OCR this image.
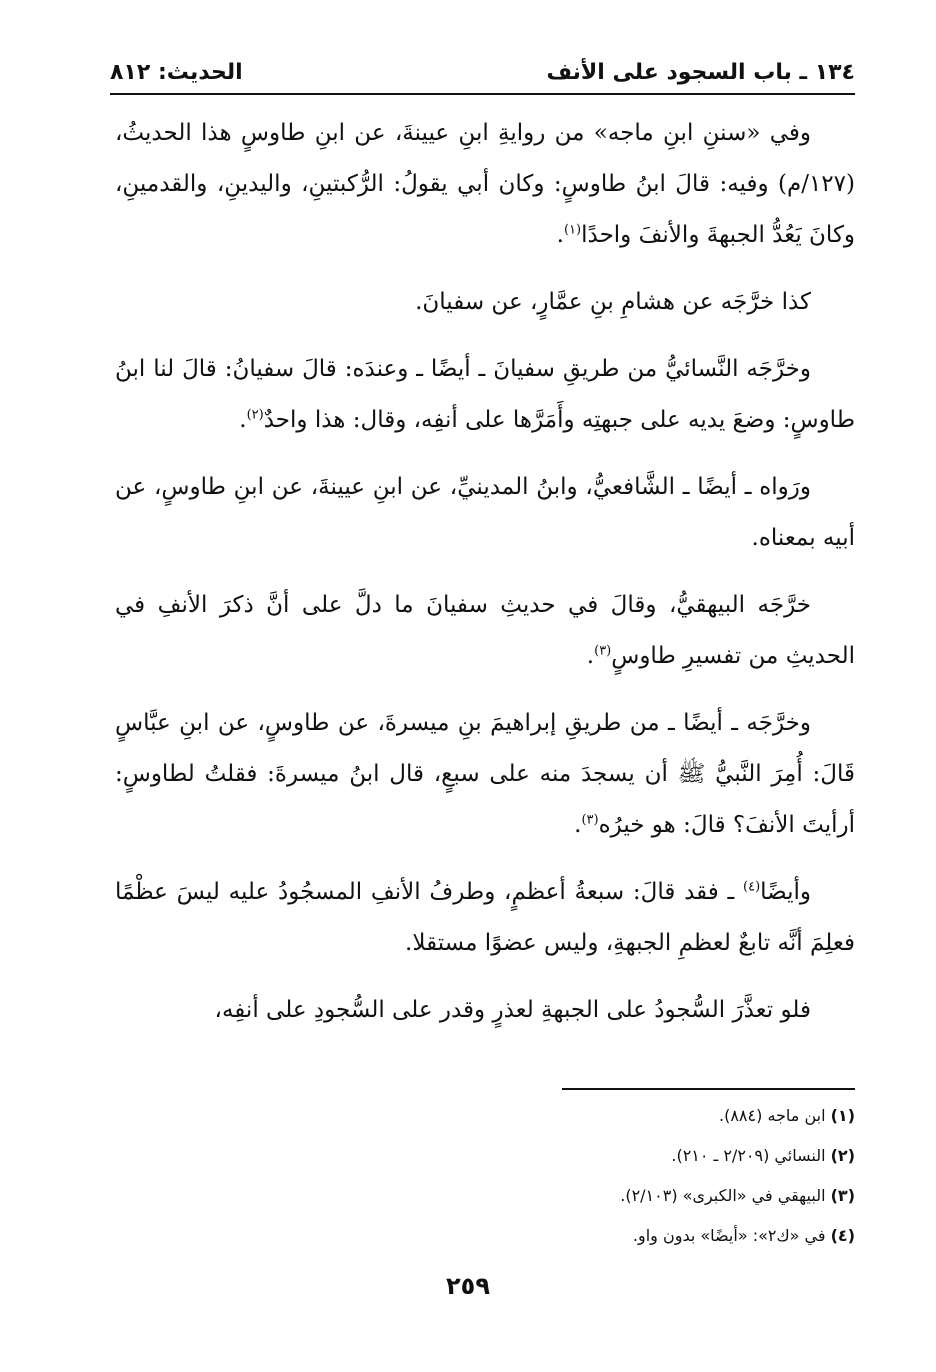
١٣٤ ـ باب السجود على الأنف
الحديث: ٨١٢

وفي «سننِ ابنِ ماجه» من روايةِ ابنِ عيينةَ، عن ابنِ طاوسٍ هذا الحديثُ، (١٢٧/م) وفيه: قالَ ابنُ طاوسٍ: وكان أبي يقولُ: الرُّكبتينِ، واليدينِ، والقدمينِ، وكانَ يَعُدُّ الجبهةَ والأنفَ واحدًا$^{(١)}$.

كذا خرَّجَه عن هشامِ بنِ عمَّارٍ، عن سفيانَ.

وخرَّجَه النَّسائيُّ من طريقِ سفيانَ ـ أيضًا ـ وعندَه: قالَ سفيانُ: قالَ لنا ابنُ طاوسٍ: وضعَ يديه على جبهتِه وأَمَرَّها على أنفِه، وقال: هذا واحدٌ$^{(٢)}$.

ورَواه ـ أيضًا ـ الشَّافعيُّ، وابنُ المدينيِّ، عن ابنِ عيينةَ، عن ابنِ طاوسٍ، عن أبيه بمعناه.

خرَّجَه البيهقيُّ، وقالَ في حديثِ سفيانَ ما دلَّ على أنَّ ذكرَ الأنفِ في الحديثِ من تفسيرِ طاوسٍ$^{(٣)}$.

وخرَّجَه ـ أيضًا ـ من طريقِ إبراهيمَ بنِ ميسرةَ، عن طاوسٍ، عن ابنِ عبَّاسٍ قَالَ: أُمِرَ النَّبيُّ ﷺ أن يسجدَ منه على سبعٍ، قال ابنُ ميسرةَ: فقلتُ لطاوسٍ: أرأيتَ الأنفَ؟ قالَ: هو خيرُه$^{(٣)}$.

وأيضًا$^{(٤)}$ ـ فقد قالَ: سبعةُ أعظمٍ، وطرفُ الأنفِ المسجُودُ عليه ليسَ عظْمًا فعلِمَ أنَّه تابعٌ لعظمِ الجبهةِ، وليس عضوًا مستقلا.

فلو تعذَّرَ السُّجودُ على الجبهةِ لعذرٍ وقدر على السُّجودِ على أنفِه،

(١) ابن ماجه (٨٨٤).

(٢) النسائي (٢/٢٠٩ ـ ٢١٠).

(٣) البيهقي في «الكبرى» (٢/١٠٣).

(٤) في «ك٢»: «أيضًا» بدون واو.

٢٥٩
